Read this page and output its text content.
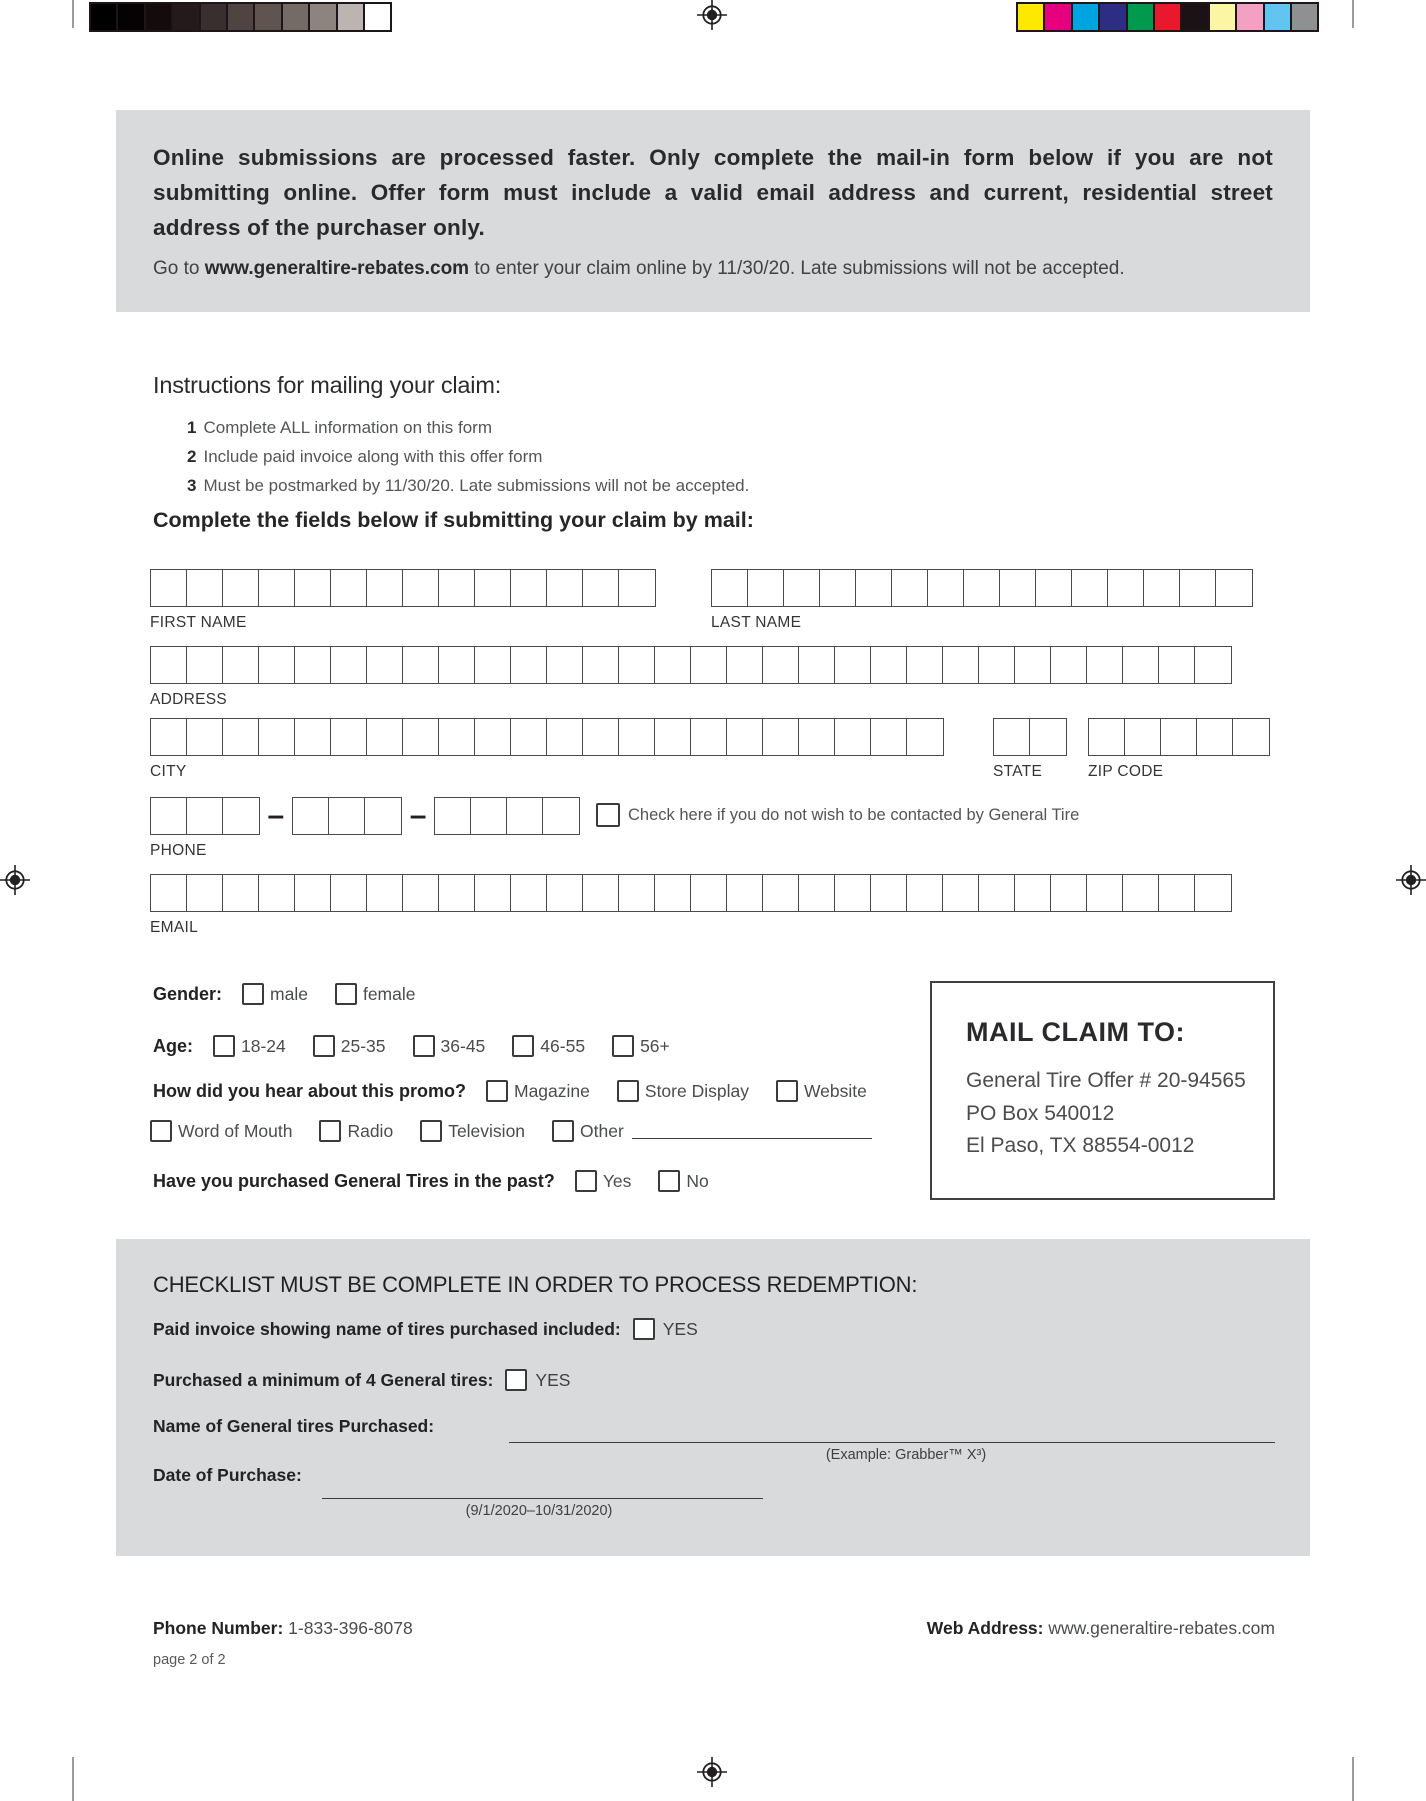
Online submissions are processed faster. Only complete the mail-in form below if you are not submitting online. Offer form must include a valid email address and current, residential street address of the purchaser only.

Go to www.generaltire-rebates.com to enter your claim online by 11/30/20. Late submissions will not be accepted.

Instructions for mailing your claim:
1 Complete ALL information on this form
2 Include paid invoice along with this offer form
3 Must be postmarked by 11/30/20. Late submissions will not be accepted.
Complete the fields below if submitting your claim by mail:
FIRST NAME	LAST NAME
ADDRESS
CITY	STATE	ZIP CODE
–	–
PHONE
Check here if you do not wish to be contacted by General Tire
EMAIL
Gender:	male	female
Age:	18-24	25-35	36-45	46-55	56+
How did you hear about this promo?	Magazine	Store Display	Website
Word of Mouth	Radio	Television	Other
Have you purchased General Tires in the past?	Yes	No
MAIL CLAIM TO:
General Tire Offer # 20-94565
PO Box 540012
El Paso, TX 88554-0012
CHECKLIST MUST BE COMPLETE IN ORDER TO PROCESS REDEMPTION:
Paid invoice showing name of tires purchased included: YES
Purchased a minimum of 4 General tires: YES
Name of General tires Purchased:
(Example: Grabber™ X³)
Date of Purchase:
(9/1/2020–10/31/2020)
Phone Number: 1-833-396-8078	Web Address: www.generaltire-rebates.com
page 2 of 2
